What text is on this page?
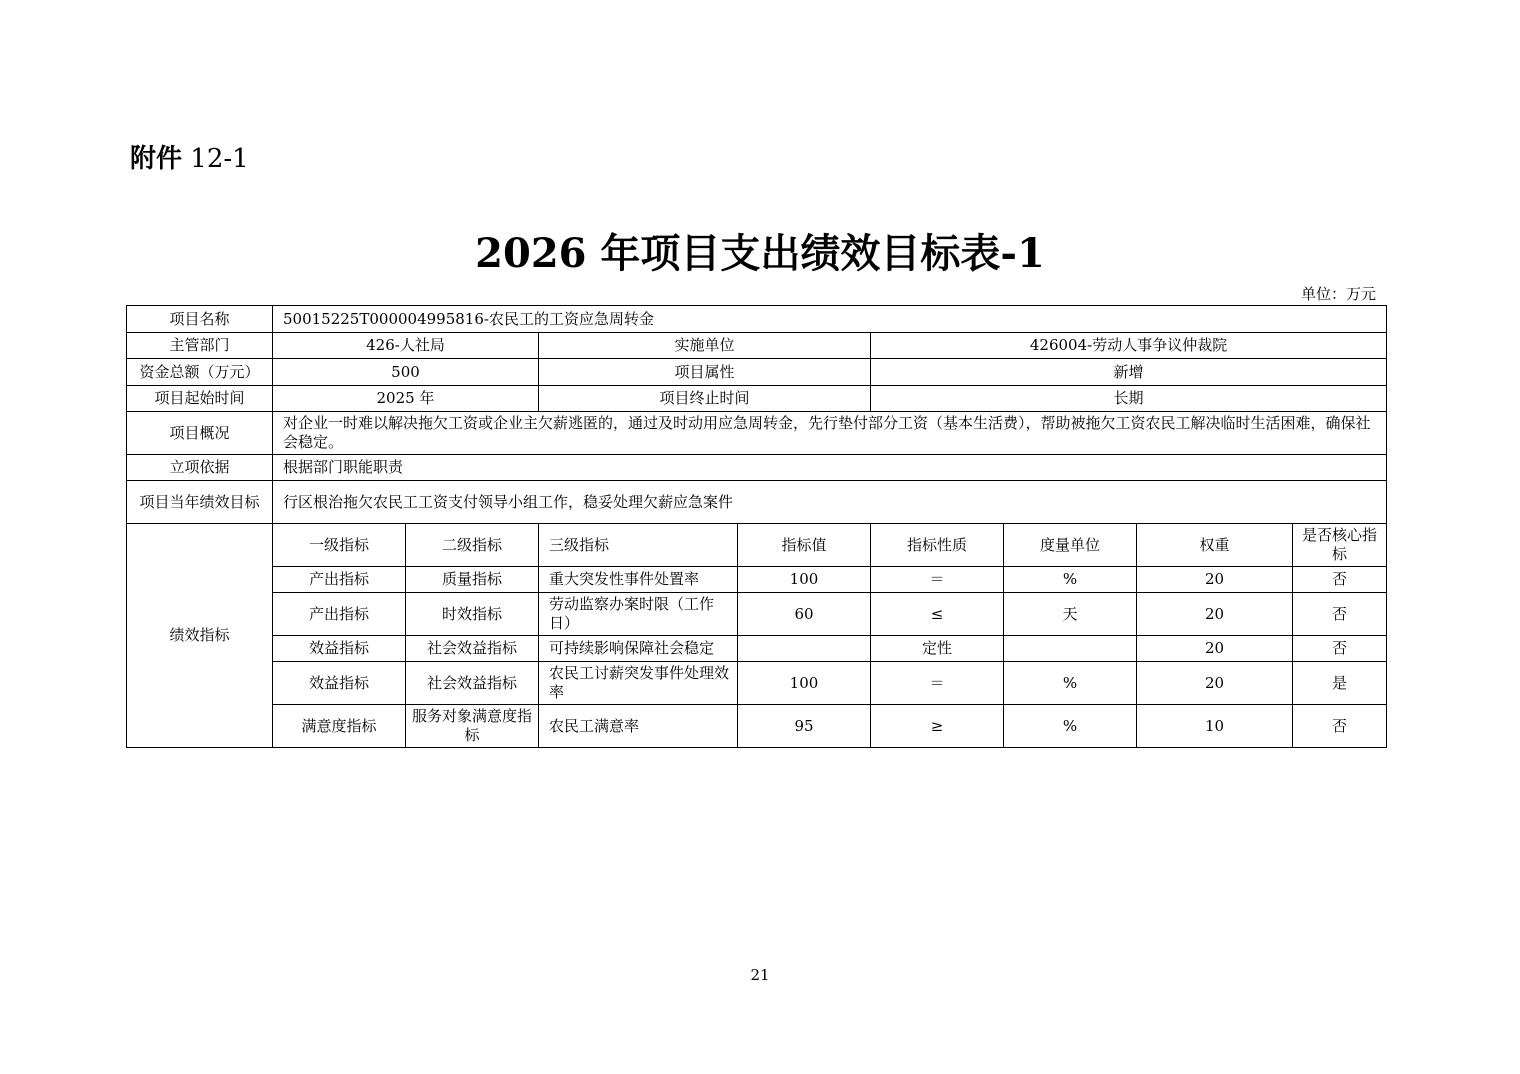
附件 12-1
2026 年项目支出绩效目标表-1
单位：万元
项目名称	50015225T000004995816-农民工的工资应急周转金							
主管部门	426-人社局		实施单位		426004-劳动人事争议仲裁院			
资金总额（万元）	500		项目属性		新增			
项目起始时间	2025 年		项目终止时间		长期			
项目概况	对企业一时难以解决拖欠工资或企业主欠薪逃匿的，通过及时动用应急周转金，先行垫付部分工资（基本生活费），帮助被拖欠工资农民工解决临时生活困难，确保社会稳定。							
立项依据	根据部门职能职责							
项目当年绩效目标	行区根治拖欠农民工工资支付领导小组工作，稳妥处理欠薪应急案件							
绩效指标	一级指标	二级指标	三级指标	指标值	指标性质	度量单位	权重	是否核心指标
	产出指标	质量指标	重大突发性事件处置率	100	＝	%	20	否
	产出指标	时效指标	劳动监察办案时限（工作日）	60	≤	天	20	否
	效益指标	社会效益指标	可持续影响保障社会稳定		定性		20	否
	效益指标	社会效益指标	农民工讨薪突发事件处理效率	100	＝	%	20	是
	满意度指标	服务对象满意度指标	农民工满意率	95	≥	%	10	否
21
